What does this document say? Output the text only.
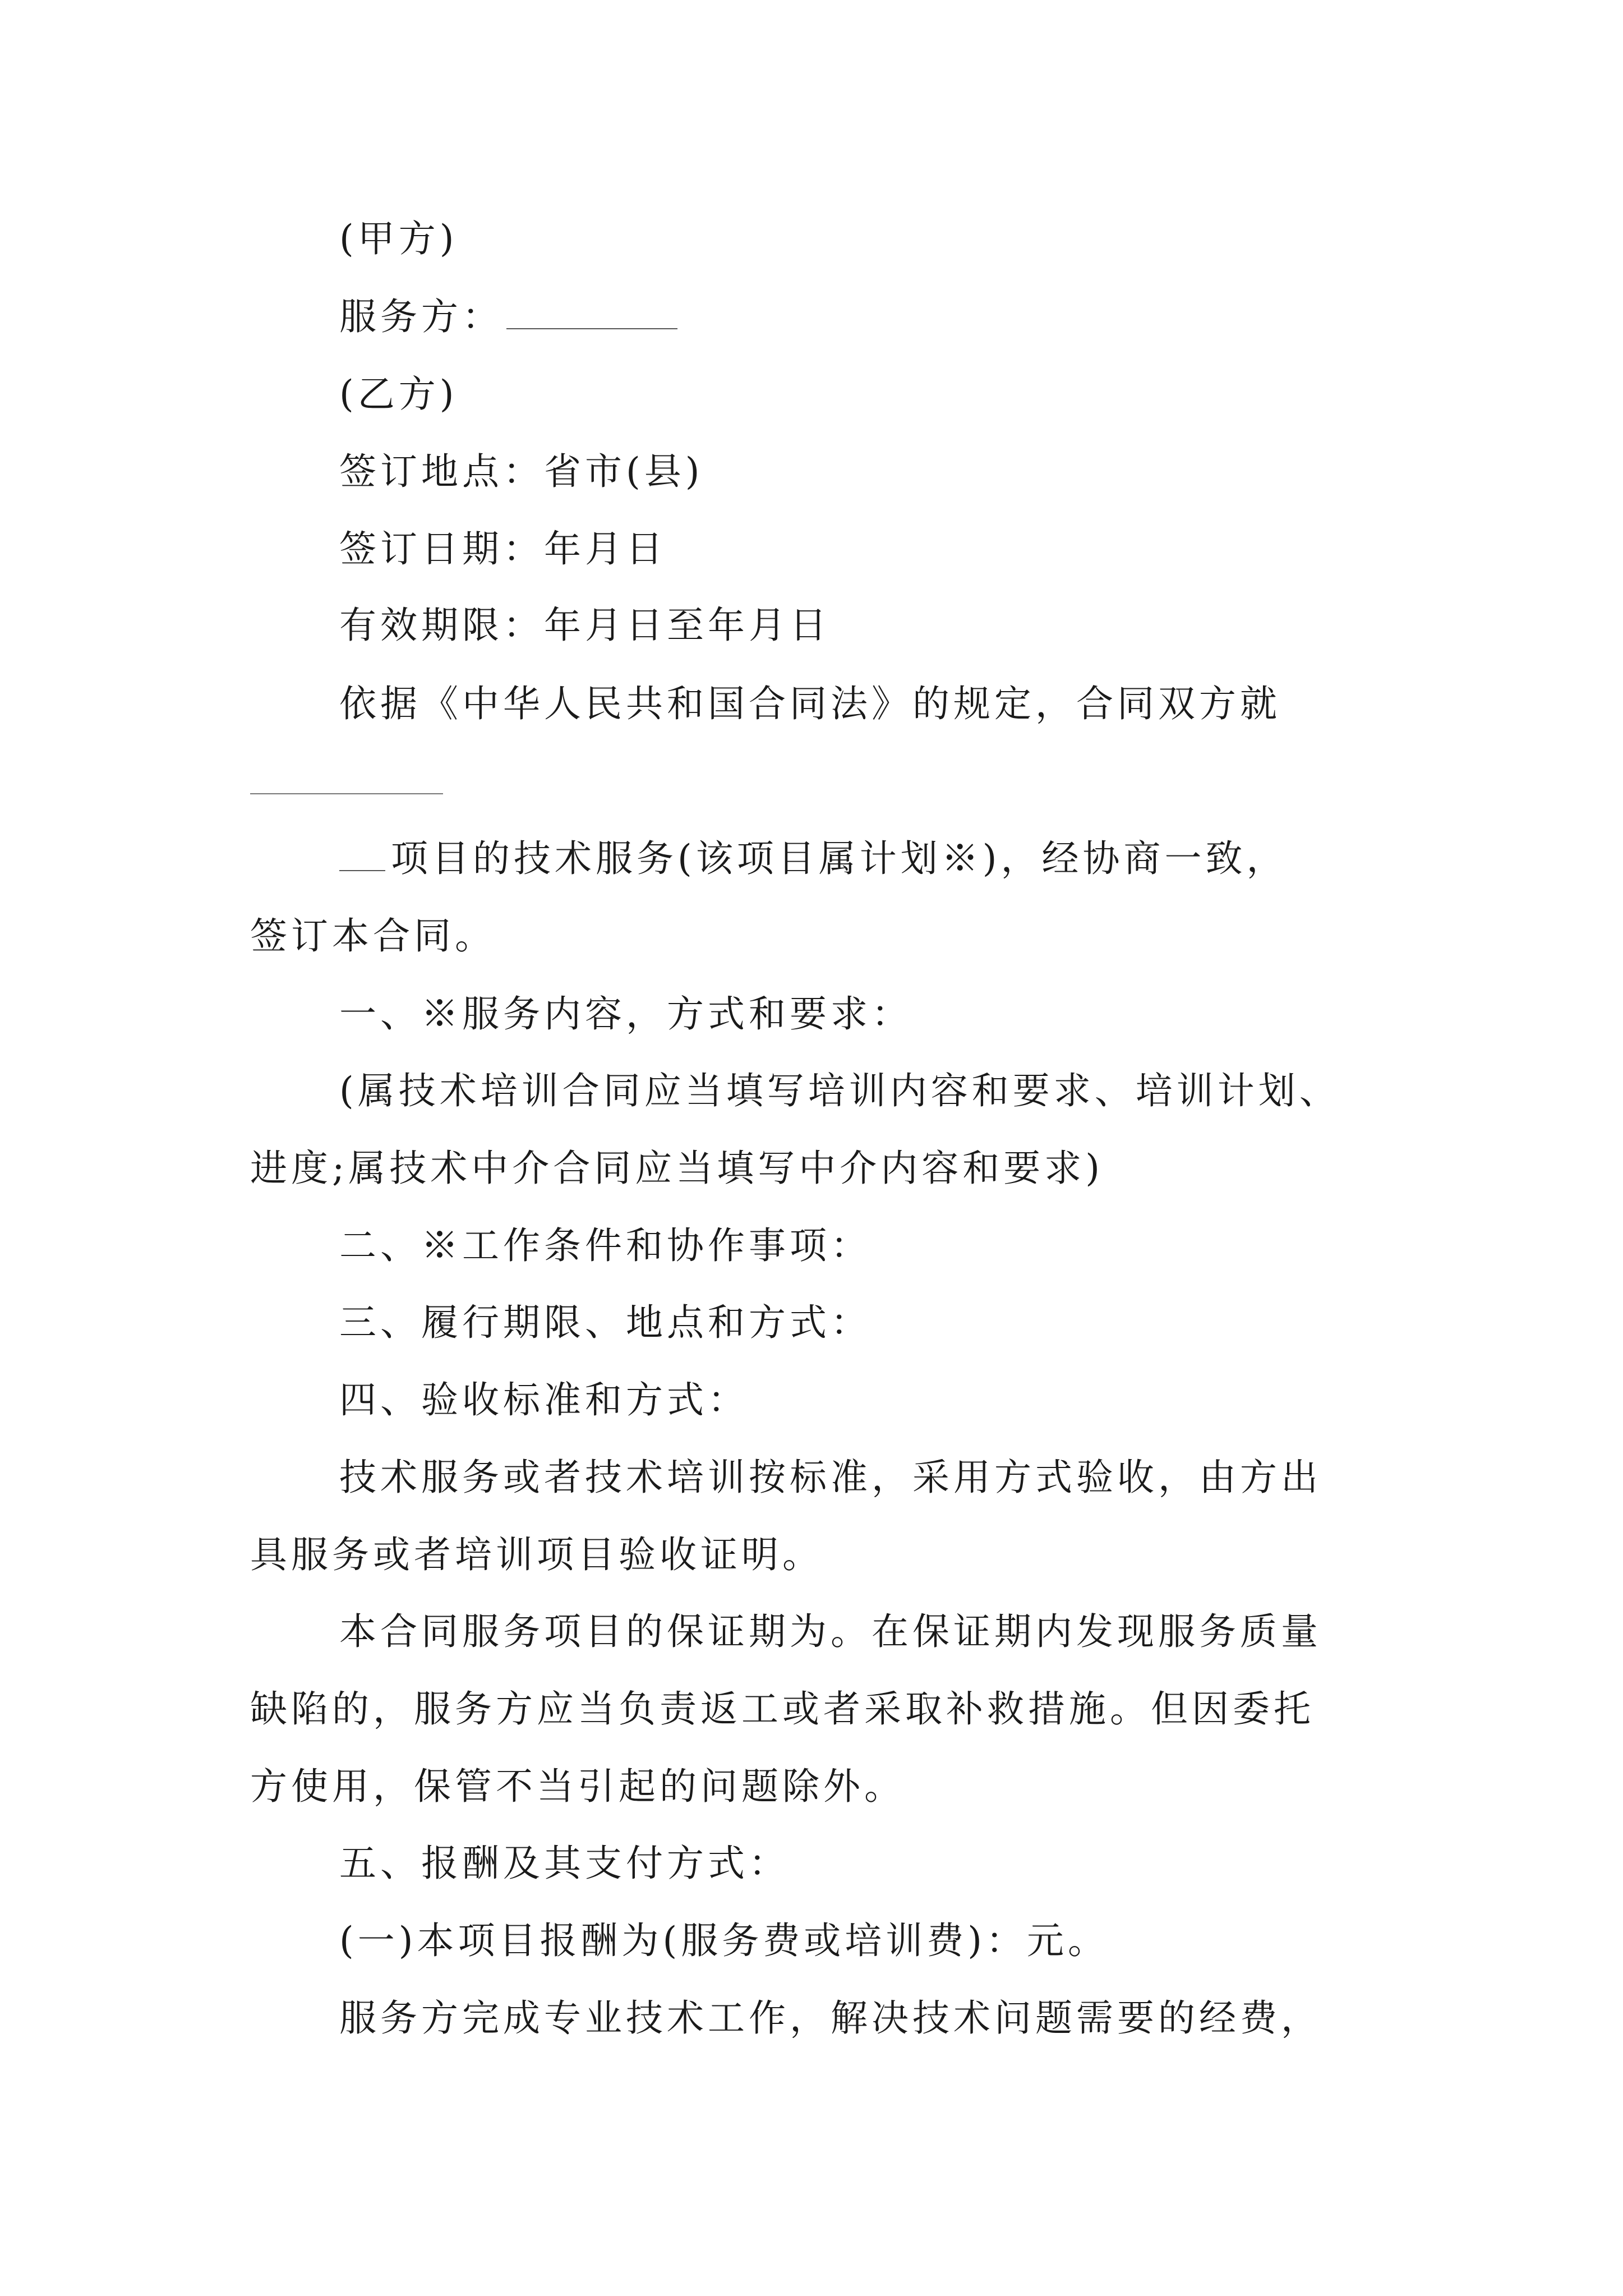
(甲方)

服务方：

(乙方)

签订地点：省市(县)

签订日期：年月日

有效期限：年月日至年月日

依据《中华人民共和国合同法》的规定，合同双方就

项目的技术服务(该项目属计划※)，经协商一致，

签订本合同。

一、※服务内容，方式和要求：

(属技术培训合同应当填写培训内容和要求、培训计划、

进度;属技术中介合同应当填写中介内容和要求)

二、※工作条件和协作事项：

三、履行期限、地点和方式：

四、验收标准和方式：

技术服务或者技术培训按标准，采用方式验收，由方出

具服务或者培训项目验收证明。

本合同服务项目的保证期为。在保证期内发现服务质量

缺陷的，服务方应当负责返工或者采取补救措施。但因委托

方使用，保管不当引起的问题除外。

五、报酬及其支付方式：

(一)本项目报酬为(服务费或培训费)：元。

服务方完成专业技术工作，解决技术问题需要的经费，
